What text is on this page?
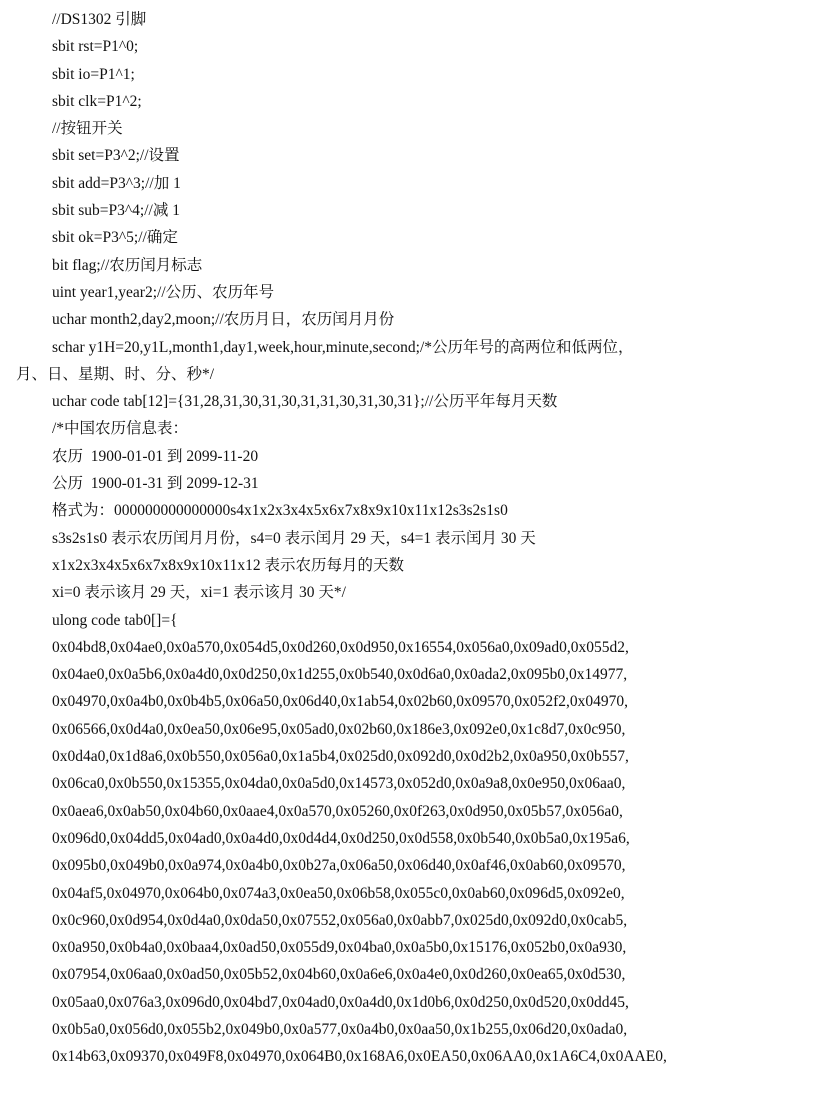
//DS1302 引脚
sbit rst=P1^0;
sbit io=P1^1;
sbit clk=P1^2;
//按钮开关
sbit set=P3^2;//设置
sbit add=P3^3;//加 1
sbit sub=P3^4;//减 1
sbit ok=P3^5;//确定
bit flag;//农历闰月标志
uint year1,year2;//公历、农历年号
uchar month2,day2,moon;//农历月日，农历闰月月份
schar y1H=20,y1L,month1,day1,week,hour,minute,second;/*公历年号的高两位和低两位，
月、日、星期、时、分、秒*/
uchar code tab[12]={31,28,31,30,31,30,31,31,30,31,30,31};//公历平年每月天数
/*中国农历信息表：
农历  1900-01-01 到 2099-11-20
公历  1900-01-31 到 2099-12-31
格式为：000000000000000s4x1x2x3x4x5x6x7x8x9x10x11x12s3s2s1s0
s3s2s1s0 表示农历闰月月份，s4=0 表示闰月 29 天，s4=1 表示闰月 30 天
x1x2x3x4x5x6x7x8x9x10x11x12 表示农历每月的天数
xi=0 表示该月 29 天，xi=1 表示该月 30 天*/
ulong code tab0[]={
0x04bd8,0x04ae0,0x0a570,0x054d5,0x0d260,0x0d950,0x16554,0x056a0,0x09ad0,0x055d2,
0x04ae0,0x0a5b6,0x0a4d0,0x0d250,0x1d255,0x0b540,0x0d6a0,0x0ada2,0x095b0,0x14977,
0x04970,0x0a4b0,0x0b4b5,0x06a50,0x06d40,0x1ab54,0x02b60,0x09570,0x052f2,0x04970,
0x06566,0x0d4a0,0x0ea50,0x06e95,0x05ad0,0x02b60,0x186e3,0x092e0,0x1c8d7,0x0c950,
0x0d4a0,0x1d8a6,0x0b550,0x056a0,0x1a5b4,0x025d0,0x092d0,0x0d2b2,0x0a950,0x0b557,
0x06ca0,0x0b550,0x15355,0x04da0,0x0a5d0,0x14573,0x052d0,0x0a9a8,0x0e950,0x06aa0,
0x0aea6,0x0ab50,0x04b60,0x0aae4,0x0a570,0x05260,0x0f263,0x0d950,0x05b57,0x056a0,
0x096d0,0x04dd5,0x04ad0,0x0a4d0,0x0d4d4,0x0d250,0x0d558,0x0b540,0x0b5a0,0x195a6,
0x095b0,0x049b0,0x0a974,0x0a4b0,0x0b27a,0x06a50,0x06d40,0x0af46,0x0ab60,0x09570,
0x04af5,0x04970,0x064b0,0x074a3,0x0ea50,0x06b58,0x055c0,0x0ab60,0x096d5,0x092e0,
0x0c960,0x0d954,0x0d4a0,0x0da50,0x07552,0x056a0,0x0abb7,0x025d0,0x092d0,0x0cab5,
0x0a950,0x0b4a0,0x0baa4,0x0ad50,0x055d9,0x04ba0,0x0a5b0,0x15176,0x052b0,0x0a930,
0x07954,0x06aa0,0x0ad50,0x05b52,0x04b60,0x0a6e6,0x0a4e0,0x0d260,0x0ea65,0x0d530,
0x05aa0,0x076a3,0x096d0,0x04bd7,0x04ad0,0x0a4d0,0x1d0b6,0x0d250,0x0d520,0x0dd45,
0x0b5a0,0x056d0,0x055b2,0x049b0,0x0a577,0x0a4b0,0x0aa50,0x1b255,0x06d20,0x0ada0,
0x14b63,0x09370,0x049F8,0x04970,0x064B0,0x168A6,0x0EA50,0x06AA0,0x1A6C4,0x0AAE0,
